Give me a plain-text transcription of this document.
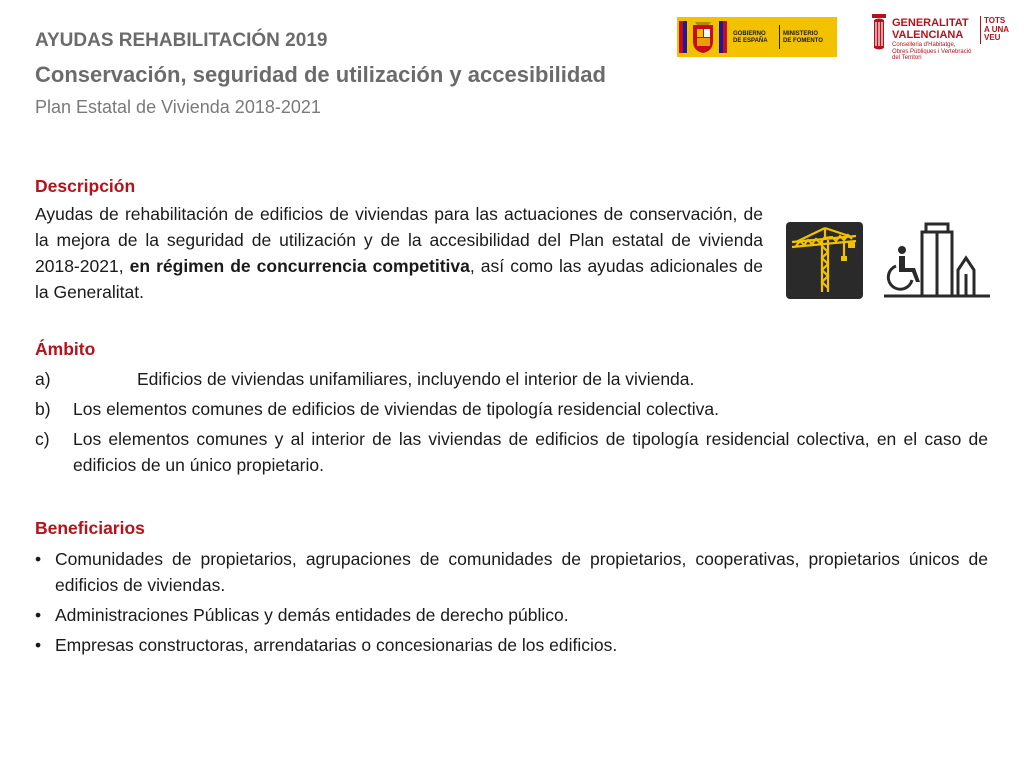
AYUDAS REHABILITACIÓN 2019
Conservación, seguridad de utilización y accesibilidad
Plan Estatal de Vivienda 2018-2021
GOBIERNO
DE ESPAÑA
MINISTERIO
DE FOMENTO
GENERALITAT
VALENCIANA
Conselleria d'Habitatge,
Obres Públiques i Vertebració
del Territori
TOTS
A UNA
VEU
Descripción
Ayudas de rehabilitación de edificios de viviendas para las actuaciones de conservación, de la mejora de la seguridad de utilización y de la accesibilidad del Plan estatal de vivienda 2018-2021, en régimen de concurrencia competitiva, así como las ayudas adicionales de la Generalitat.
Ámbito
a)	Edificios de viviendas unifamiliares, incluyendo el interior de la vivienda.
b) Los elementos comunes de edificios de viviendas de tipología residencial colectiva.
c) Los elementos comunes y al interior de las viviendas de edificios de tipología residencial colectiva, en el caso de edificios de un único propietario.
Beneficiarios
• Comunidades de propietarios, agrupaciones de comunidades de propietarios, cooperativas, propietarios únicos de edificios de viviendas.
• Administraciones Públicas y demás entidades de derecho público.
• Empresas constructoras, arrendatarias o concesionarias de los edificios.
